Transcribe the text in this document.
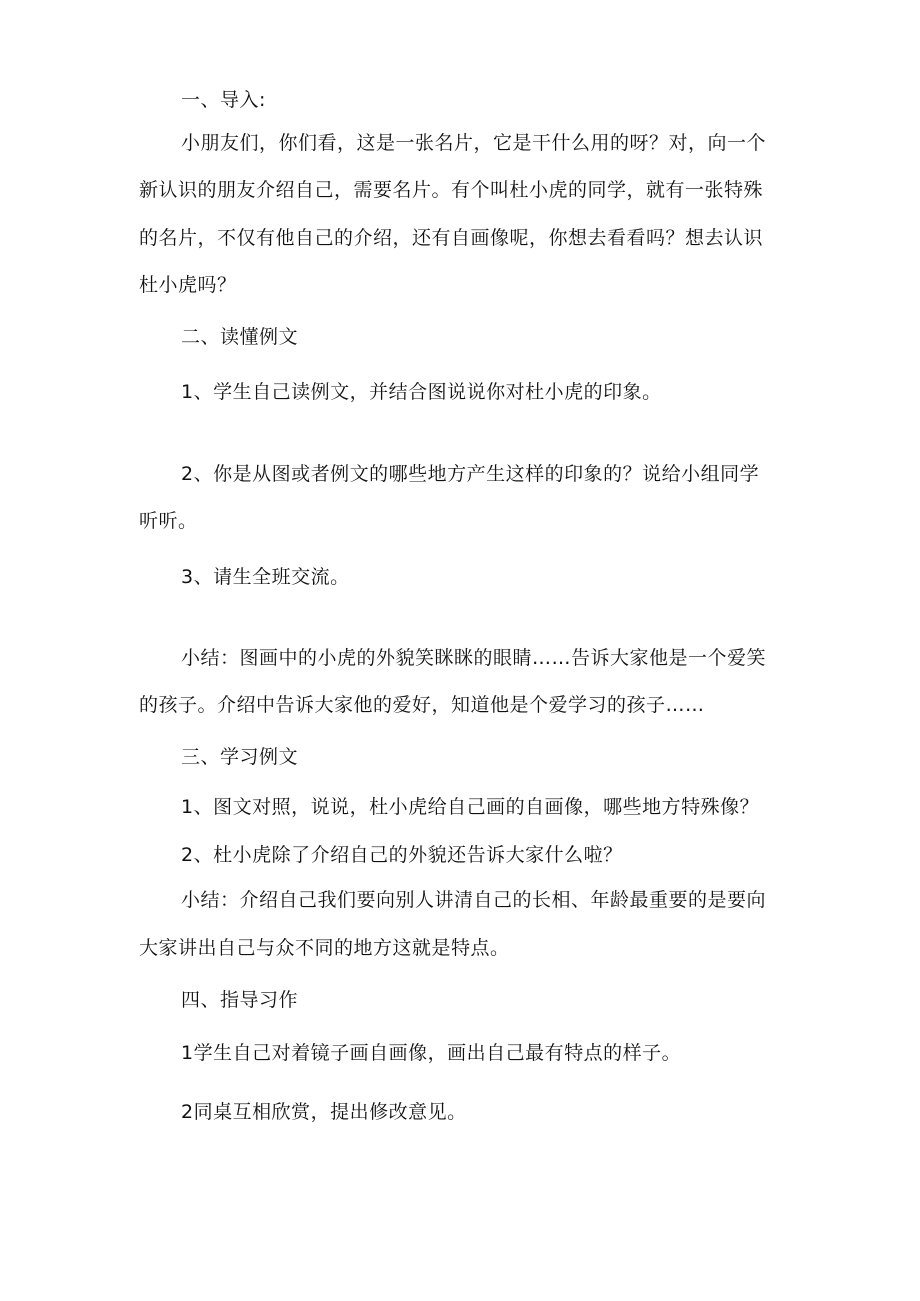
一、导入:

小朋友们，你们看，这是一张名片，它是干什么用的呀？对，向一个

新认识的朋友介绍自己，需要名片。有个叫杜小虎的同学，就有一张特殊

的名片，不仅有他自己的介绍，还有自画像呢，你想去看看吗？想去认识

杜小虎吗？

二、读懂例文

1、学生自己读例文，并结合图说说你对杜小虎的印象。

2、你是从图或者例文的哪些地方产生这样的印象的？说给小组同学

听听。

3、请生全班交流。

小结：图画中的小虎的外貌笑眯眯的眼睛……告诉大家他是一个爱笑

的孩子。介绍中告诉大家他的爱好，知道他是个爱学习的孩子……

三、学习例文

1、图文对照，说说，杜小虎给自己画的自画像，哪些地方特殊像？

2、杜小虎除了介绍自己的外貌还告诉大家什么啦？

小结：介绍自己我们要向别人讲清自己的长相、年龄最重要的是要向

大家讲出自己与众不同的地方这就是特点。

四、指导习作

1学生自己对着镜子画自画像，画出自己最有特点的样子。

2同桌互相欣赏，提出修改意见。
